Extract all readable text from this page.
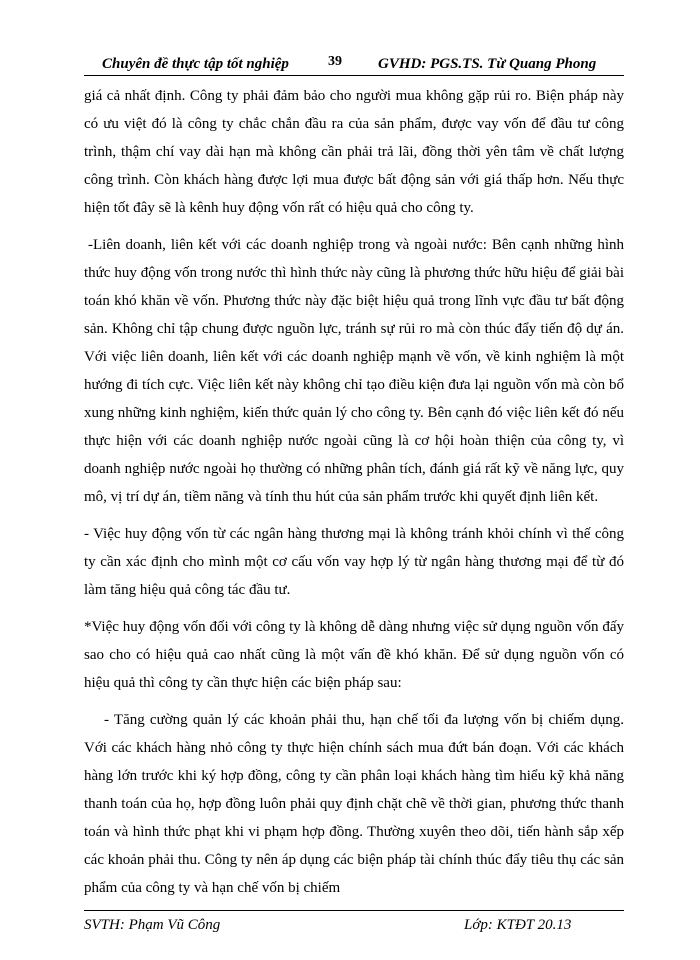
Chuyên đề thực tập tốt nghiệp	39 GVHD: PGS.TS. Từ Quang Phong

giá cả nhất định. Công ty phải đảm bảo cho người mua không gặp rủi ro. Biện pháp này có ưu việt đó là công ty chắc chắn đầu ra của sản phẩm, được vay vốn để đầu tư công trình, thậm chí vay dài hạn mà không cần phải trả lãi, đồng thời yên tâm về chất lượng công trình. Còn khách hàng được lợi mua được bất động sản với giá thấp hơn. Nếu thực hiện tốt đây sẽ là kênh huy động vốn rất có hiệu quả cho công ty.

-Liên doanh, liên kết với các doanh nghiệp trong và ngoài nước: Bên cạnh những hình thức huy động vốn trong nước thì hình thức này cũng là phương thức hữu hiệu để giải bài toán khó khăn về vốn. Phương thức này đặc biệt hiệu quả trong lĩnh vực đầu tư bất động sản. Không chỉ tập chung được nguồn lực, tránh sự rủi ro mà còn thúc đẩy tiến độ dự án. Với việc liên doanh, liên kết với các doanh nghiệp mạnh về vốn, về kinh nghiệm là một hướng đi tích cực. Việc liên kết này không chỉ tạo điều kiện đưa lại nguồn vốn mà còn bổ xung những kinh nghiệm, kiến thức quản lý cho công ty. Bên cạnh đó việc liên kết đó nếu thực hiện với các doanh nghiệp nước ngoài cũng là cơ hội hoàn thiện của công ty, vì doanh nghiệp nước ngoài họ thường có những phân tích, đánh giá rất kỹ về năng lực, quy mô, vị trí dự án, tiềm năng và tính thu hút của sản phẩm trước khi quyết định liên kết.

- Việc huy động vốn từ các ngân hàng thương mại là không tránh khỏi chính vì thế công ty cần xác định cho mình một cơ cấu vốn vay hợp lý từ ngân hàng thương mại để từ đó làm tăng hiệu quả công tác đầu tư.

*Việc huy động vốn đối với công ty là không dễ dàng nhưng việc sử dụng nguồn vốn đấy sao cho có hiệu quả cao nhất cũng là một vấn đề khó khăn. Để sử dụng nguồn vốn có hiệu quả thì công ty cần thực hiện các biện pháp sau:

- Tăng cường quản lý các khoản phải thu, hạn chế tối đa lượng vốn bị chiếm dụng. Với các khách hàng nhỏ công ty thực hiện chính sách mua đứt bán đoạn. Với các khách hàng lớn trước khi ký hợp đồng, công ty cần phân loại khách hàng tìm hiểu kỹ khả năng thanh toán của họ, hợp đồng luôn phải quy định chặt chẽ về thời gian, phương thức thanh toán và hình thức phạt khi vi phạm hợp đồng. Thường xuyên theo dõi, tiến hành sắp xếp các khoản phải thu. Công ty nên áp dụng các biện pháp tài chính thúc đẩy tiêu thụ các sản phẩm của công ty và hạn chế vốn bị chiếm

SVTH: Phạm Vũ Công	Lớp: KTĐT 20.13
